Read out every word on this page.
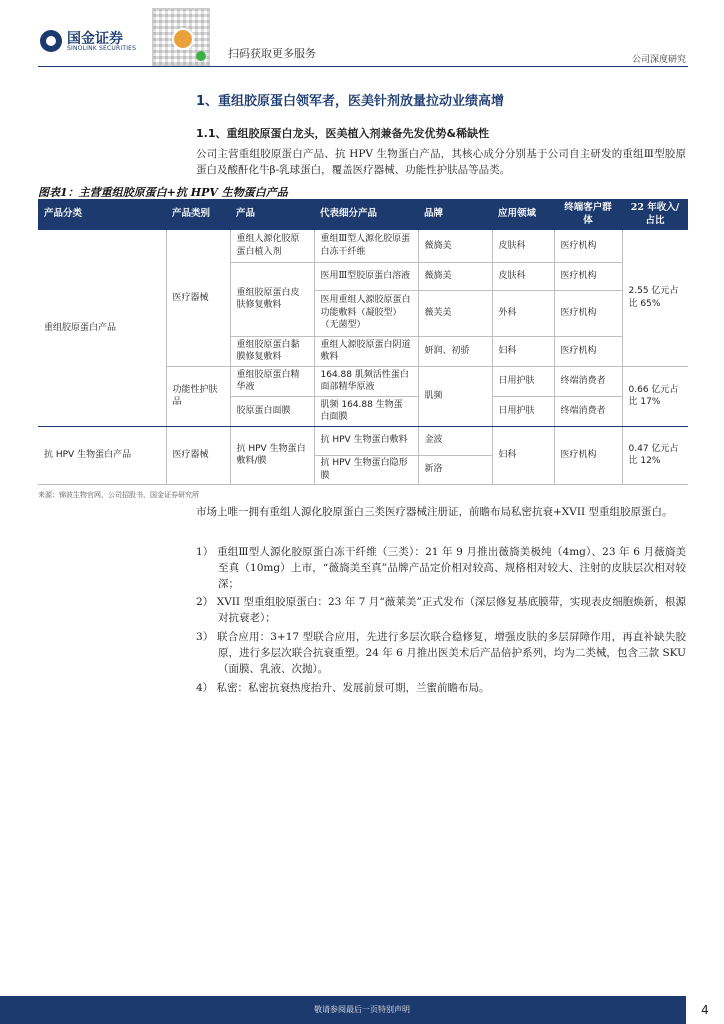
国金证券
SINOLINK SECURITIES	扫码获取更多服务	公司深度研究
1、重组胶原蛋白领军者，医美针剂放量拉动业绩高增
1.1、重组胶原蛋白龙头，医美植入剂兼备先发优势&稀缺性
公司主营重组胶原蛋白产品、抗 HPV 生物蛋白产品，其核心成分分别基于公司自主研发的重组Ⅲ型胶原蛋白及酸酐化牛β-乳球蛋白，覆盖医疗器械、功能性护肤品等品类。
图表1：主营重组胶原蛋白+抗 HPV 生物蛋白产品
产品分类	产品类别	产品	代表细分产品	品牌	应用领域	终端客户群体	22 年收入/占比
重组胶原蛋白产品	医疗器械	重组人源化胶原蛋白植入剂	重组Ⅲ型人源化胶原蛋白冻干纤维	薇旖美	皮肤科	医疗机构	2.55 亿元占比 65%
		重组胶原蛋白皮肤修复敷料	医用Ⅲ型胶原蛋白溶液	薇旖美	皮肤科	医疗机构	
			医用重组人源胶原蛋白功能敷料（凝胶型）（无菌型）	薇芙美	外科	医疗机构	
		重组胶原蛋白黏膜修复敷料	重组人源胶原蛋白阴道敷料	妍润、初骄	妇科	医疗机构	
	功能性护肤品	重组胶原蛋白精华液	164.88 肌频活性蛋白面部精华原液	肌频	日用护肤	终端消费者	0.66 亿元占比 17%
		胶原蛋白面膜	肌频 164.88 生物蛋白面膜		日用护肤	终端消费者	
抗 HPV 生物蛋白产品	医疗器械	抗 HPV 生物蛋白敷料/膜	抗 HPV 生物蛋白敷料	金波	妇科	医疗机构	0.47 亿元占比 12%
			抗 HPV 生物蛋白隐形膜	新洛			
来源：锦波生物官网，公司招股书，国金证券研究所
市场上唯一拥有重组人源化胶原蛋白三类医疗器械注册证，前瞻布局私密抗衰+XVII 型重组胶原蛋白。
1） 重组Ⅲ型人源化胶原蛋白冻干纤维（三类）：21 年 9 月推出薇旖美极纯（4mg）、23 年 6 月薇旖美至真（10mg）上市，“薇旖美至真”品牌产品定价相对较高、规格相对较大、注射的皮肤层次相对较深；
2） XVII 型重组胶原蛋白：23 年 7 月“薇莱美”正式发布（深层修复基底膜带，实现表皮细胞焕新，根源对抗衰老）；
3） 联合应用：3+17 型联合应用，先进行多层次联合稳修复，增强皮肤的多层屏障作用，再直补缺失胶原，进行多层次联合抗衰重塑。24 年 6 月推出医美术后产品倍护系列，均为二类械，包含三款 SKU（面膜、乳液、次抛）。
4） 私密：私密抗衰热度抬升、发展前景可期，兰蜜前瞻布局。
敬请参阅最后一页特别声明	4
